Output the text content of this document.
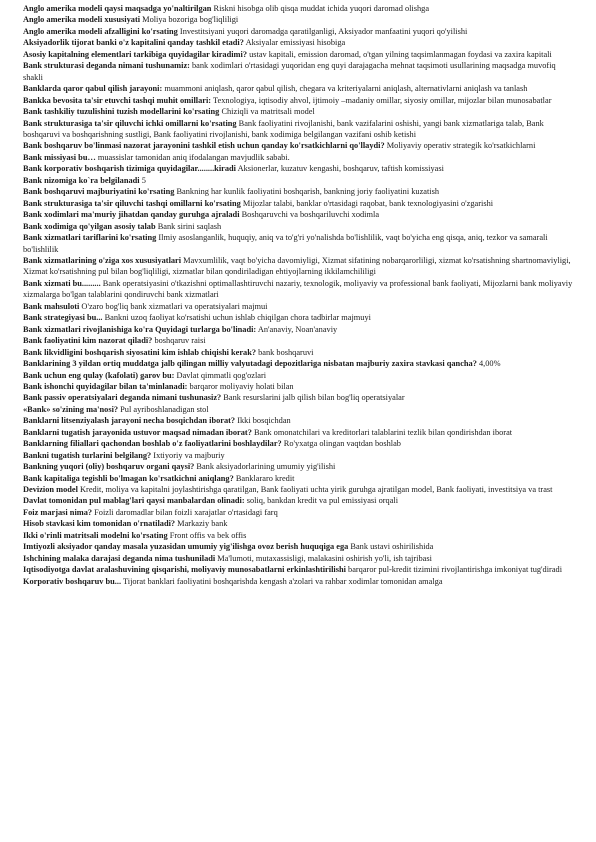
Anglo amerika modeli qaysi maqsadga yo'naltirilgan Riskni hisobga olib qisqa muddat ichida yuqori daromad olishga

Anglo amerika modeli xususiyati Moliya bozoriga bog'liqliligi

Anglo amerika modeli afzalligini ko'rsating Investitsiyani yuqori daromadga qaratilganligi, Aksiyador manfaatini yuqori qo'yilishi

Aksiyadorlik tijorat banki o'z kapitalini qanday tashkil etadi? Aksiyalar emissiyasi hisobiga

Asosiy kapitalning elementlari tarkibiga quyidagilar kiradimi? ustav kapitali, emission daromad, o'tgan yilning taqsimlanmagan foydasi va zaxira kapitali

Bank strukturasi deganda nimani tushunamiz: bank xodimlari o'rtasidagi yuqoridan eng quyi darajagacha mehnat taqsimoti usullarining maqsadga muvofiq shakli

Banklarda qaror qabul qilish jarayoni: muammoni aniqlash, qaror qabul qilish, chegara va kriteriyalarni aniqlash, alternativlarni aniqlash va tanlash

Bankka bevosita ta'sir etuvchi tashqi muhit omillari: Texnologiya, iqtisodiy ahvol, ijtimoiy –madaniy omillar, siyosiy omillar, mijozlar bilan munosabatlar

Bank tashkiliy tuzulishini tuzish modellarini ko'rsating Chiziqli va matritsali model

Bank strukturasiga ta'sir qiluvchi ichki omillarni ko'rsating Bank faoliyatini rivojlanishi, bank vazifalarini oshishi, yangi bank xizmatlariga talab, Bank boshqaruvi va boshqarishning sustligi, Bank faoliyatini rivojlanishi, bank xodimiga belgilangan vazifani oshib ketishi

Bank boshqaruv bo'linmasi nazorat jarayonini tashkil etish uchun qanday ko'rsatkichlarni qo'llaydi? Moliyaviy operativ strategik ko'rsatkichlarni

Bank missiyasi bu… muassislar tamonidan aniq ifodalangan mavjudlik sababi.

Bank korporativ boshqarish tizimiga quyidagilar........kiradi Aksionerlar, kuzatuv kengashi, boshqaruv, taftish komissiyasi

Bank nizomiga ko`ra belgilanadi 5

Bank boshqaruvi majburiyatini ko'rsating Bankning har kunlik faoliyatini boshqarish, bankning joriy faoliyatini kuzatish

Bank strukturasiga ta'sir qiluvchi tashqi omillarni ko'rsating Mijozlar talabi, banklar o'rtasidagi raqobat, bank texnologiyasini o'zgarishi

Bank xodimlari ma'muriy jihatdan qanday guruhga ajraladi Boshqaruvchi va boshqariluvchi xodimla

Bank xodimiga qo'yilgan asosiy talab Bank sirini saqlash

Bank xizmatlari tariflarini ko'rsating Ilmiy asoslanganlik, huquqiy, aniq va to'g'ri yo'nalishda bo'lishlilik, vaqt bo'yicha eng qisqa, aniq, tezkor va samarali bo'lishlilik

Bank xizmatlarining o'ziga xos xususiyatlari Mavxumlilik, vaqt bo'yicha davomiyligi, Xizmat sifatining nobarqarorliligi, xizmat ko'rsatishning shartnomaviyligi, Xizmat ko'rsatishning pul bilan bog'liqliligi, xizmatlar bilan qondiriladigan ehtiyojlarning ikkilamchililigi

Bank xizmati bu......... Bank operatsiyasini o'tkazishni optimallashtiruvchi nazariy, texnologik, moliyaviy va professional bank faoliyati, Mijozlarni bank moliyaviy xizmalarga bo'lgan talablarini qondiruvchi bank xizmatlari

Bank mahsuloti O'zaro bog'liq bank xizmatlari va operatsiyalari majmui

Bank strategiyasi bu... Bankni uzoq faoliyat ko'rsatishi uchun ishlab chiqilgan chora tadbirlar majmuyi

Bank xizmatlari rivojlanishiga ko'ra Quyidagi turlarga bo'linadi: An'anaviy, Noan'anaviy

Bank faoliyatini kim nazorat qiladi? boshqaruv raisi

Bank likvidligini boshqarish siyosatini kim ishlab chiqishi kerak? bank boshqaruvi

Banklarining 3 yildan ortiq muddatga jalb qilingan milliy valyutadagi depozitlariga nisbatan majburiy zaxira stavkasi qancha? 4,00%

Bank uchun eng qulay (kafolati) garov bu: Davlat qimmatli qog'ozlari

Bank ishonchi quyidagilar bilan ta'minlanadi: barqaror moliyaviy holati bilan

Bank passiv operatsiyalari deganda nimani tushunasiz? Bank resurslarini jalb qilish bilan bog'liq operatsiyalar

«Bank» so'zining ma'nosi? Pul ayriboshlanadigan stol

Banklarni litsenziyalash jarayoni necha bosqichdan iborat? Ikki bosqichdan

Banklarni tugatish jarayonida ustuvor maqsad nimadan iborat? Bank omonatchilari va kreditorlari talablarini tezlik bilan qondirishdan iborat

Banklarning filiallari qachondan boshlab o'z faoliyatlarini boshlaydilar? Ro'yxatga olingan vaqtdan boshlab

Bankni tugatish turlarini belgilang? Ixtiyoriy va majburiy

Bankning yuqori (oliy) boshqaruv organi qaysi? Bank aksiyadorlarining umumiy yig'ilishi

Bank kapitaliga tegishli bo'lmagan ko'rsatkichni aniqlang? Banklararo kredit

Devizion model Kredit, moliya va kapitalni joylashtirishga qaratilgan, Bank faoliyati uchta yirik guruhga ajratilgan model, Bank faoliyati, investitsiya va trast

Davlat tomonidan pul mablag'lari qaysi manbalardan olinadi: soliq, bankdan kredit va pul emissiyasi orqali

Foiz marjasi nima? Foizli daromadlar bilan foizli xarajatlar o'rtasidagi farq

Hisob stavkasi kim tomonidan o'rnatiladi? Markaziy bank

Ikki o'rinli matritsali modelni ko'rsating Front offis va bek offis

Imtiyozli aksiyador qanday masala yuzasidan umumiy yig'ilishga ovoz berish huquqiga ega Bank ustavi oshirilishida

Ishchining malaka darajasi deganda nima tushuniladi Ma'lumoti, mutaxassisligi, malakasini oshirish yo'li, ish tajribasi

Iqtisodiyotga davlat aralashuvining qisqarishi, moliyaviy munosabatlarni erkinlashtirilishi barqaror pul-kredit tizimini rivojlantirishga imkoniyat tug'diradi

Korporativ boshqaruv bu... Tijorat banklari faoliyatini boshqarishda kengash a'zolari va rahbar xodimlar tomonidan amalga
